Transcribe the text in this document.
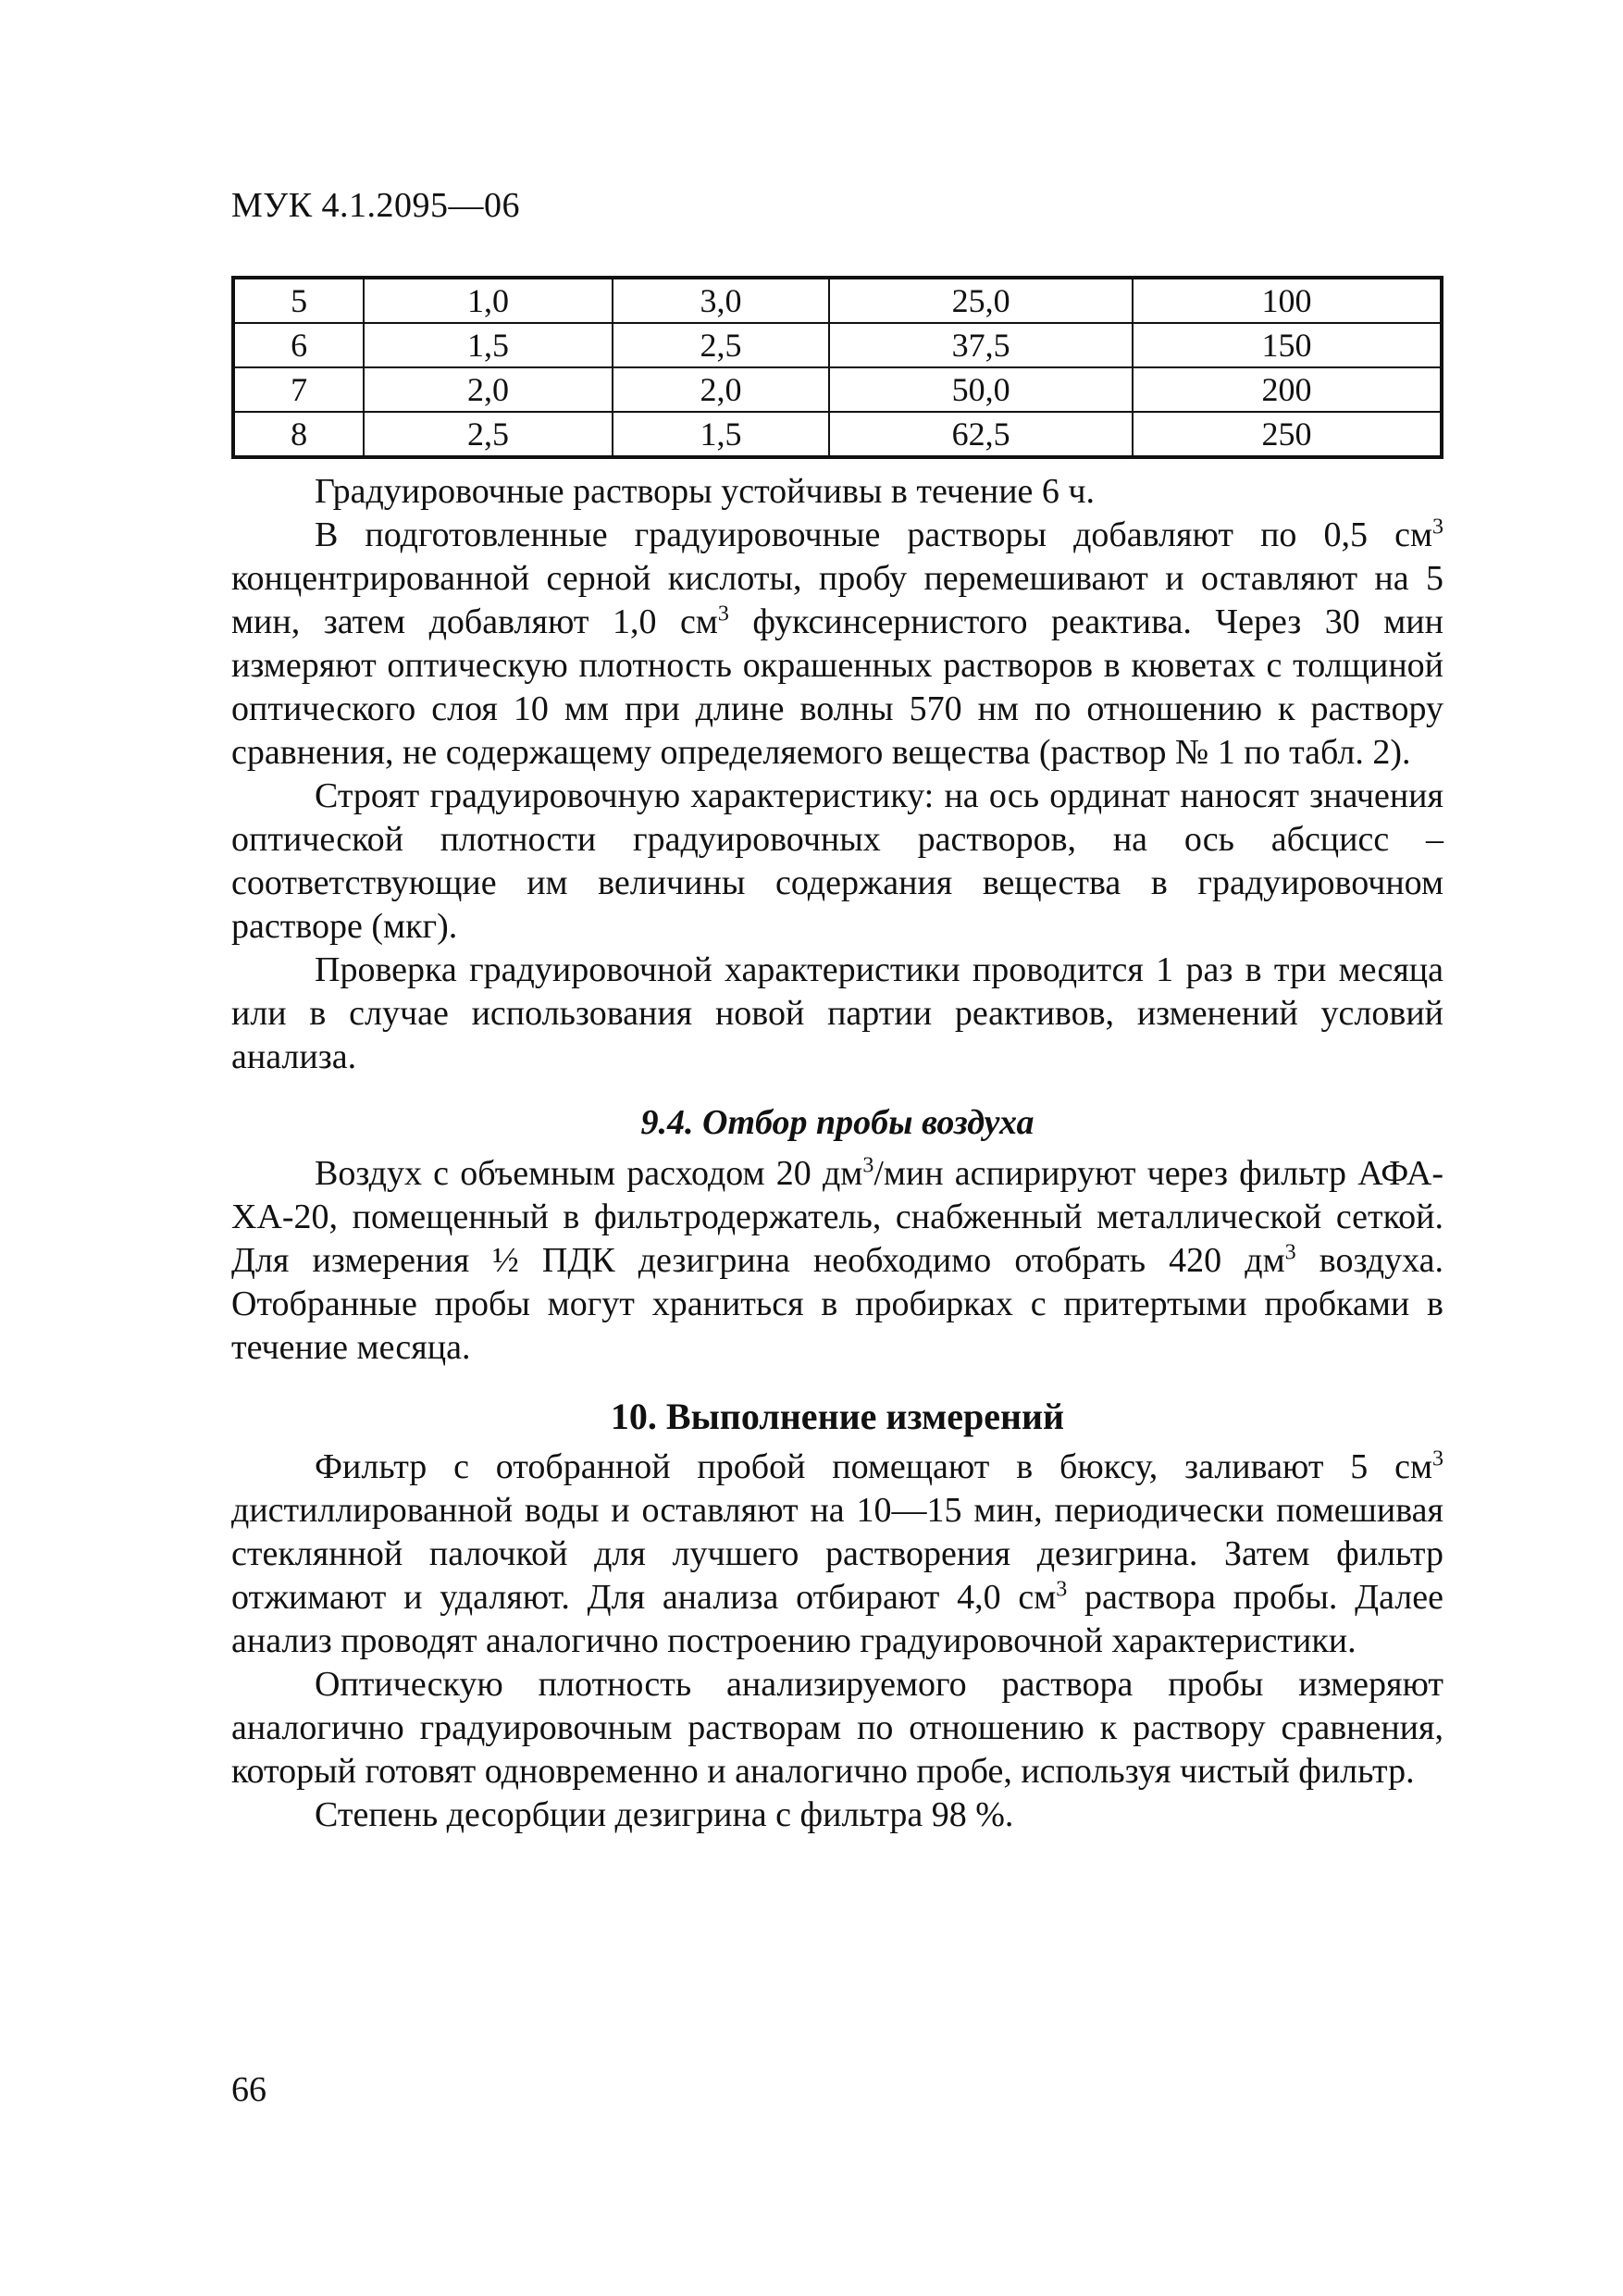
МУК 4.1.2095—06
5	1,0	3,0	25,0	100
6	1,5	2,5	37,5	150
7	2,0	2,0	50,0	200
8	2,5	1,5	62,5	250

Градуировочные растворы устойчивы в течение 6 ч.

В подготовленные градуировочные растворы добавляют по 0,5 $см^3$ концентрированной серной кислоты, пробу перемешивают и оставляют на 5 мин, затем добавляют 1,0 $см^3$ фуксинсернистого реактива. Через 30 мин измеряют оптическую плотность окрашенных растворов в кюветах с толщиной оптического слоя 10 мм при длине волны 570 нм по отношению к раствору сравнения, не содержащему определяемого вещества (раствор № 1 по табл. 2).

Строят градуировочную характеристику: на ось ординат наносят значения оптической плотности градуировочных растворов, на ось абсцисс – соответствующие им величины содержания вещества в градуировочном растворе (мкг).

Проверка градуировочной характеристики проводится 1 раз в три месяца или в случае использования новой партии реактивов, изменений условий анализа.

9.4. Отбор пробы воздуха

Воздух с объемным расходом 20 $дм^3$/мин аспирируют через фильтр АФА-ХА-20, помещенный в фильтродержатель, снабженный металлической сеткой. Для измерения ½ ПДК дезигрина необходимо отобрать 420 $дм^3$ воздуха. Отобранные пробы могут храниться в пробирках с притертыми пробками в течение месяца.

10. Выполнение измерений

Фильтр с отобранной пробой помещают в бюксу, заливают 5 $см^3$ дистиллированной воды и оставляют на 10—15 мин, периодически помешивая стеклянной палочкой для лучшего растворения дезигрина. Затем фильтр отжимают и удаляют. Для анализа отбирают 4,0 $см^3$ раствора пробы. Далее анализ проводят аналогично построению градуировочной характеристики.

Оптическую плотность анализируемого раствора пробы измеряют аналогично градуировочным растворам по отношению к раствору сравнения, который готовят одновременно и аналогично пробе, используя чистый фильтр.

Степень десорбции дезигрина с фильтра 98 %.

66
